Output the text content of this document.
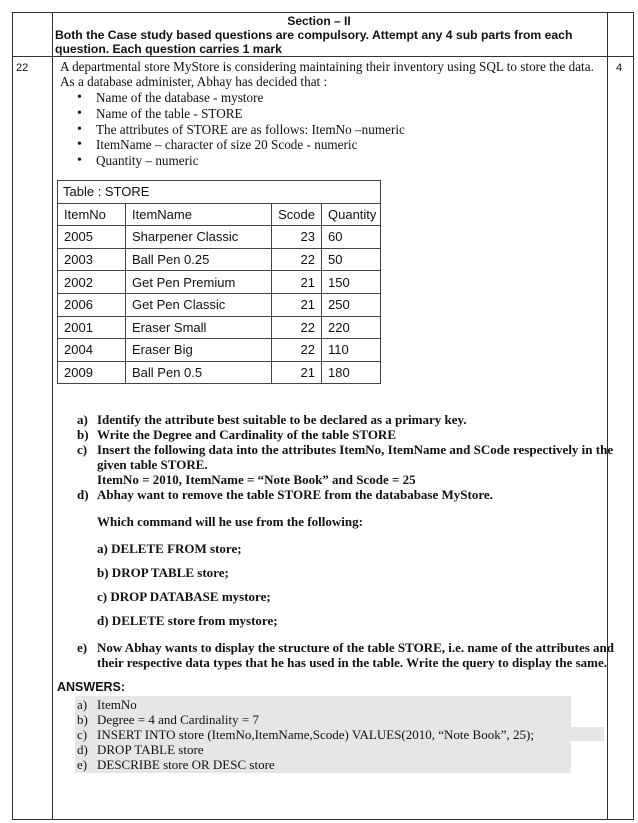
Section – II
Both the Case study based questions are compulsory. Attempt any 4 sub parts from each question. Each question carries 1 mark
22	4
A departmental store MyStore is considering maintaining their inventory using SQL to store the data. As a database administer, Abhay has decided that :
• Name of the database - mystore
• Name of the table - STORE
• The attributes of STORE are as follows: ItemNo –numeric
• ItemName – character of size 20 Scode - numeric
• Quantity – numeric
Table : STORE			
ItemNo	ItemName	Scode	Quantity
2005	Sharpener Classic	23	60
2003	Ball Pen 0.25	22	50
2002	Get Pen Premium	21	150
2006	Get Pen Classic	21	250
2001	Eraser Small	22	220
2004	Eraser Big	22	110
2009	Ball Pen 0.5	21	180
a) Identify the attribute best suitable to be declared as a primary key.
b) Write the Degree and Cardinality of the table STORE
c) Insert the following data into the attributes ItemNo, ItemName and SCode respectively in the given table STORE.
ItemNo = 2010, ItemName = “Note Book” and Scode = 25
d) Abhay want to remove the table STORE from the datababase MyStore.
Which command will he use from the following:
a) DELETE FROM store;
b) DROP TABLE store;
c) DROP DATABASE mystore;
d) DELETE store from mystore;
e) Now Abhay wants to display the structure of the table STORE, i.e. name of the attributes and their respective data types that he has used in the table. Write the query to display the same.
ANSWERS:
a) ItemNo
b) Degree = 4 and Cardinality = 7
c) INSERT INTO store (ItemNo,ItemName,Scode) VALUES(2010, “Note Book”, 25);
d) DROP TABLE store
e) DESCRIBE store OR DESC store
